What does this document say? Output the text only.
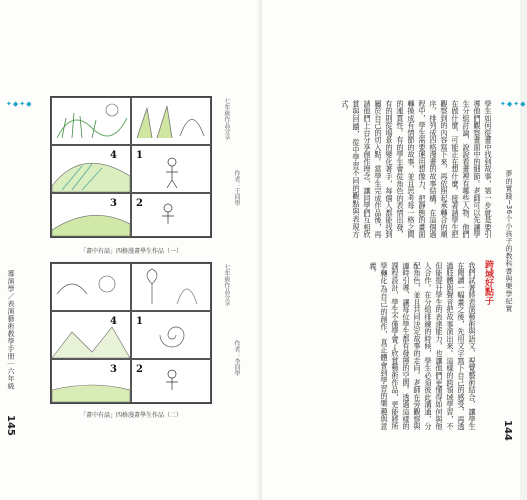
✦◆✦◆
導演學／表演藝術教學手冊｜六年級
145
4 1
3 2
七年級作品分享
作者：王同學
「畫中有話」四格漫畫學生作品（一）
4 1
3 2
七年級作品分享
作者：李同學
「畫中有話」四格漫畫學生作品（二）
✦◆✦◆
夢的實踐─36个小孩子的教科書與樂學紀實
144
學生如何從畫中找到故事，第一步就是要引導他們觀察畫面中的細節。老師可以先讓學生分組討論，說說看畫裡有哪些人物、他們在做什麼、可能正在想什麼。接著請學生把觀察到的內容寫下來，再依照起承轉合的順序，排列成四格漫畫的故事結構。在這個過程中，學生需要運用想像力，把靜態的畫面轉換成有情節的故事，並且思考每一格之間的連貫性。有的學生會從角色的表情出發，有的則從場景的變化著手，每個人都能找到屬於自己的切入點。當學生完成作品後，再請他們上台分享創作理念，讓同學們互相欣賞與回饋，從中學習不同的觀點與表現方式。
跨域好點子
我們試著將表演藝術與語文、視覺藝術結合，讓學生在閱讀一幅畫之後，先用文字寫下自己的感受，再透過肢體與聲音把故事演出來。這樣的跨領域學習，不但能提升學生的表達能力，也讓他們更懂得如何與他人合作。在分組排練的時候，學生必須彼此溝通、分配角色，並且共同決定故事的走向。老師在旁觀察與適時引導，讓每位學生都有發揮的空間。透過這樣的課程設計，學生不僅學會了欣賞藝術作品，更能將所學轉化為自己的創作，真正體會到學習的樂趣與意義。
